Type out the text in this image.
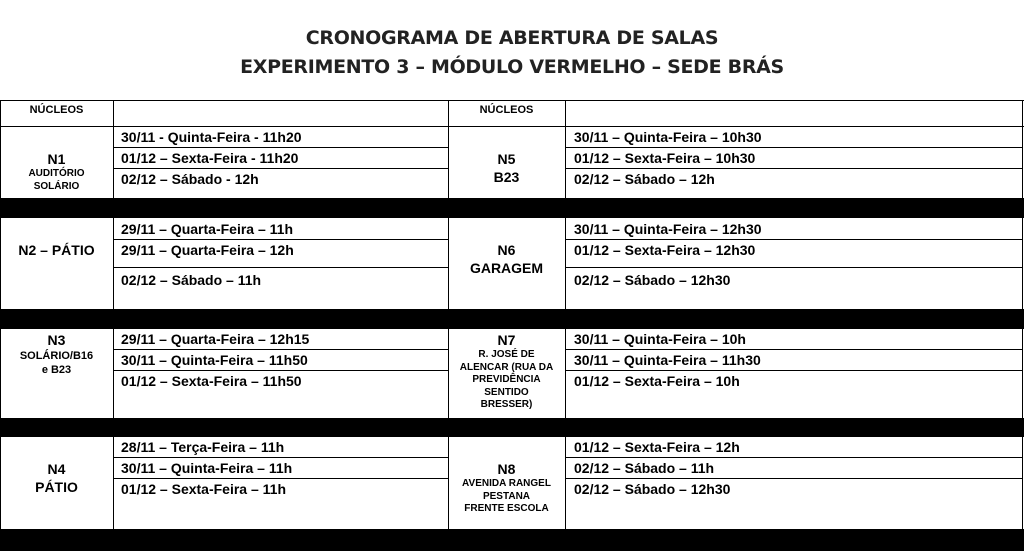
CRONOGRAMA DE ABERTURA DE SALAS
EXPERIMENTO 3 – MÓDULO VERMELHO – SEDE BRÁS
NÚCLEOS	NÚCLEOS
N1
AUDITÓRIO
SOLÁRIO
30/11 - Quinta-Feira - 11h20
01/12 – Sexta-Feira - 11h20
02/12 – Sábado - 12h
N5
B23
30/11 – Quinta-Feira – 10h30
01/12 – Sexta-Feira – 10h30
02/12 – Sábado – 12h
N2 – PÁTIO
29/11 – Quarta-Feira – 11h
29/11 – Quarta-Feira – 12h
02/12 – Sábado – 11h
N6
GARAGEM
30/11 – Quinta-Feira – 12h30
01/12 – Sexta-Feira – 12h30
02/12 – Sábado – 12h30
N3
SOLÁRIO/B16
e B23
29/11 – Quarta-Feira – 12h15
30/11 – Quinta-Feira – 11h50
01/12 – Sexta-Feira – 11h50
N7
R. JOSÉ DE
ALENCAR (RUA DA
PREVIDÊNCIA
SENTIDO
BRESSER)
30/11 – Quinta-Feira – 10h
30/11 – Quinta-Feira – 11h30
01/12 – Sexta-Feira – 10h
N4
PÁTIO
28/11 – Terça-Feira – 11h
30/11 – Quinta-Feira – 11h
01/12 – Sexta-Feira – 11h
N8
AVENIDA RANGEL
PESTANA
FRENTE ESCOLA
01/12 – Sexta-Feira – 12h
02/12 – Sábado – 11h
02/12 – Sábado – 12h30
